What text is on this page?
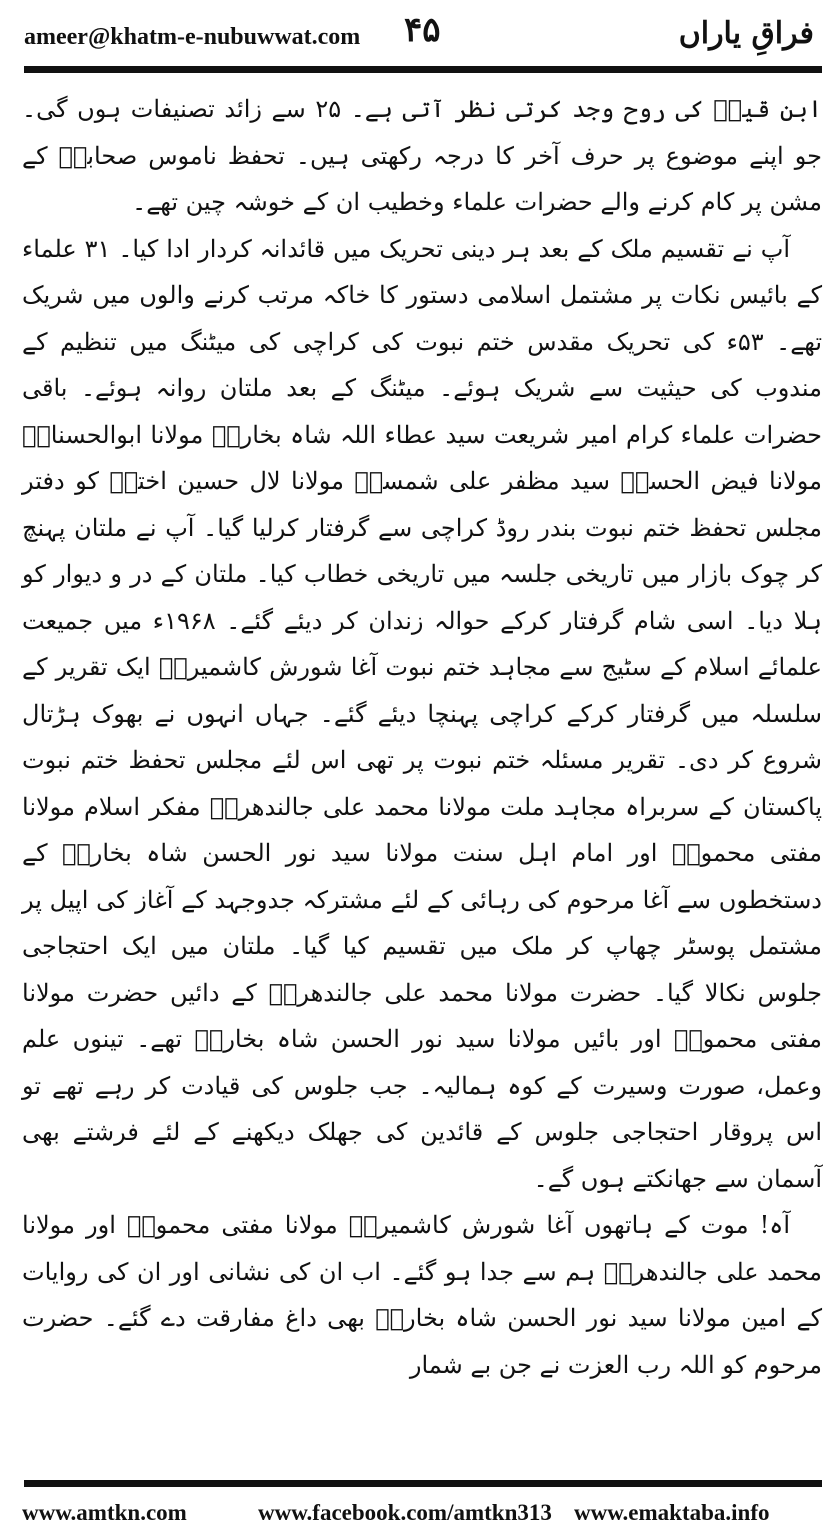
ameer@khatm-e-nubuwwat.com ۴۵	فراقِ یاراں

ابن قیمؒ کی روح وجد کرتی نظر آتی ہے۔ ۲۵ سے زائد تصنیفات ہوں گی۔ جو اپنے موضوع پر حرف آخر کا درجہ رکھتی ہیں۔ تحفظ ناموس صحابہؓ کے مشن پر کام کرنے والے حضرات علماء وخطیب ان کے خوشہ چین تھے۔

آپ نے تقسیم ملک کے بعد ہر دینی تحریک میں قائدانہ کردار ادا کیا۔ ۳۱ علماء کے بائیس نکات پر مشتمل اسلامی دستور کا خاکہ مرتب کرنے والوں میں شریک تھے۔ ۵۳ء کی تحریک مقدس ختم نبوت کی کراچی کی میٹنگ میں تنظیم کے مندوب کی حیثیت سے شریک ہوئے۔ میٹنگ کے بعد ملتان روانہ ہوئے۔ باقی حضرات علماء کرام امیر شریعت سید عطاء اللہ شاہ بخاریؒ مولانا ابوالحسناتؒ مولانا فیض الحسنؒ سید مظفر علی شمسیؒ مولانا لال حسین اخترؒ کو دفتر مجلس تحفظ ختم نبوت بندر روڈ کراچی سے گرفتار کرلیا گیا۔ آپ نے ملتان پہنچ کر چوک بازار میں تاریخی جلسہ میں تاریخی خطاب کیا۔ ملتان کے در و دیوار کو ہلا دیا۔ اسی شام گرفتار کرکے حوالہ زندان کر دیئے گئے۔ ۱۹۶۸ء میں جمیعت علمائے اسلام کے سٹیج سے مجاہد ختم نبوت آغا شورش کاشمیریؒ ایک تقریر کے سلسلہ میں گرفتار کرکے کراچی پہنچا دیئے گئے۔ جہاں انہوں نے بھوک ہڑتال شروع کر دی۔ تقریر مسئلہ ختم نبوت پر تھی اس لئے مجلس تحفظ ختم نبوت پاکستان کے سربراہ مجاہد ملت مولانا محمد علی جالندھریؒ مفکر اسلام مولانا مفتی محمودؒ اور امام اہل سنت مولانا سید نور الحسن شاہ بخاریؒ کے دستخطوں سے آغا مرحوم کی رہائی کے لئے مشترکہ جدوجہد کے آغاز کی اپیل پر مشتمل پوسٹر چھاپ کر ملک میں تقسیم کیا گیا۔ ملتان میں ایک احتجاجی جلوس نکالا گیا۔ حضرت مولانا محمد علی جالندھریؒ کے دائیں حضرت مولانا مفتی محمودؒ اور بائیں مولانا سید نور الحسن شاہ بخاریؒ تھے۔ تینوں علم وعمل، صورت وسیرت کے کوہ ہمالیہ۔ جب جلوس کی قیادت کر رہے تھے تو اس پروقار احتجاجی جلوس کے قائدین کی جھلک دیکھنے کے لئے فرشتے بھی آسمان سے جھانکتے ہوں گے۔

آہ! موت کے ہاتھوں آغا شورش کاشمیریؒ مولانا مفتی محمودؒ اور مولانا محمد علی جالندھریؒ ہم سے جدا ہو گئے۔ اب ان کی نشانی اور ان کی روایات کے امین مولانا سید نور الحسن شاہ بخاریؒ بھی داغ مفارقت دے گئے۔ حضرت مرحوم کو اللہ رب العزت نے جن بے شمار

www.amtkn.com	www.facebook.com/amtkn313 www.emaktaba.info
